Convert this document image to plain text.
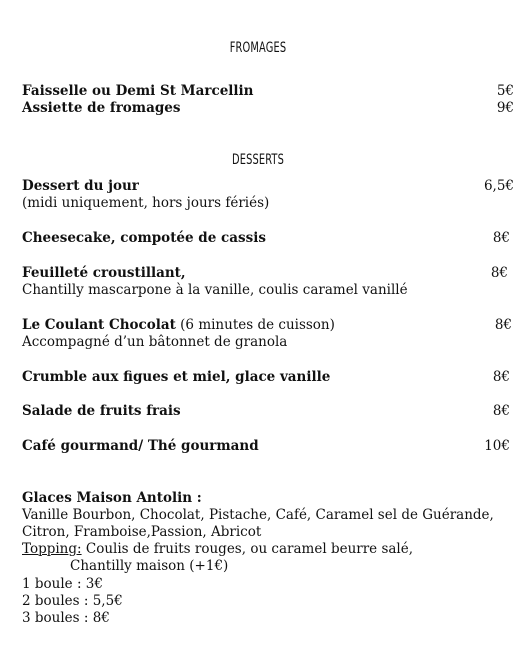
FROMAGES
Faisselle ou Demi St Marcellin	5€
Assiette de fromages	9€
DESSERTS
Dessert du jour	6,5€
(midi uniquement, hors jours fériés)
Cheesecake, compotée de cassis	8€
Feuilleté croustillant,	8€
Chantilly mascarpone à la vanille, coulis caramel vanillé
Le Coulant Chocolat (6 minutes de cuisson)	8€
Accompagné d’un bâtonnet de granola
Crumble aux figues et miel, glace vanille	8€
Salade de fruits frais	8€
Café gourmand/ Thé gourmand	10€
Glaces Maison Antolin :
Vanille Bourbon, Chocolat, Pistache, Café, Caramel sel de Guérande,
Citron, Framboise,Passion, Abricot
Topping: Coulis de fruits rouges, ou caramel beurre salé,
Chantilly maison (+1€)
1 boule : 3€
2 boules : 5,5€
3 boules : 8€
